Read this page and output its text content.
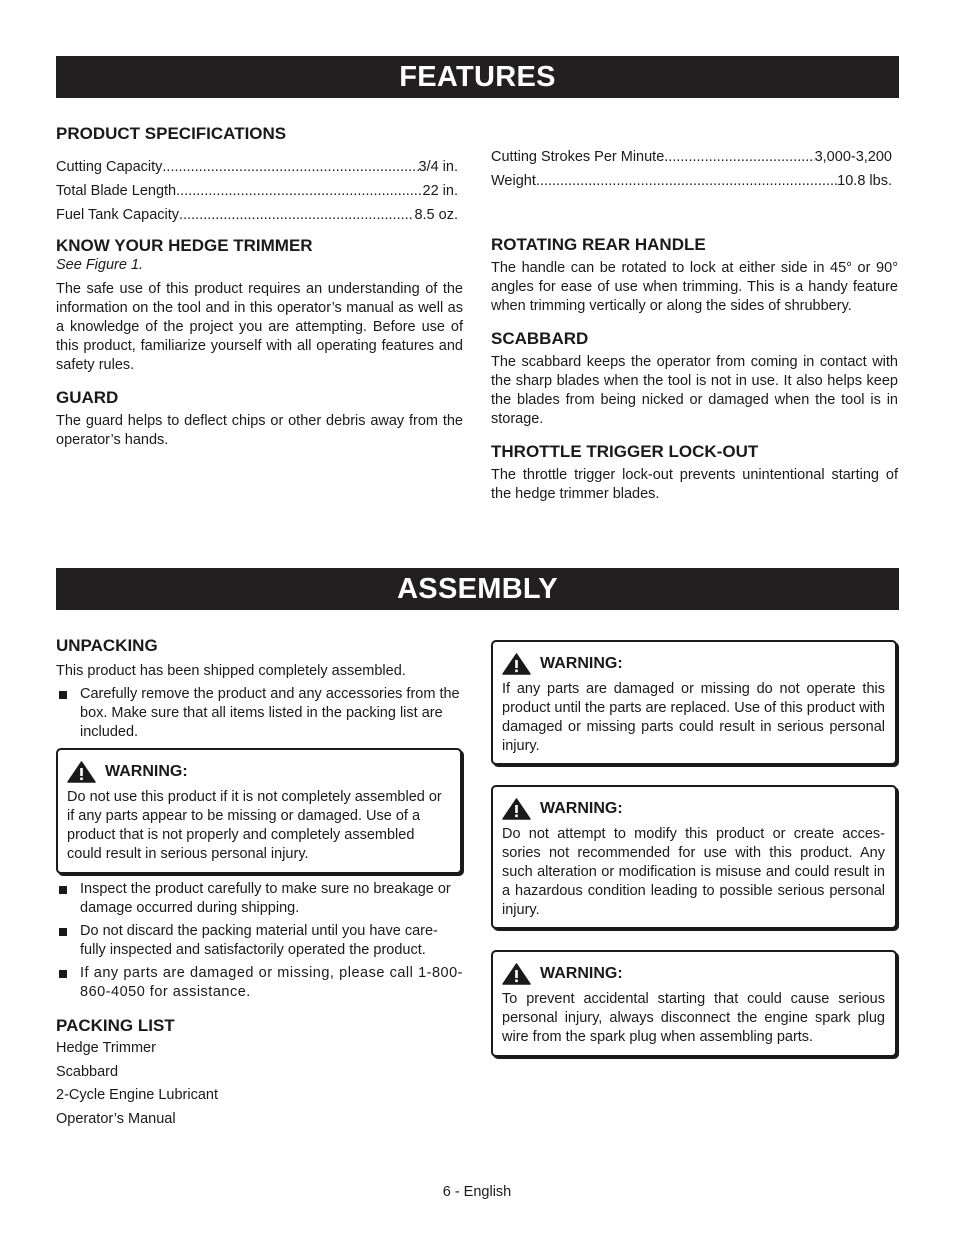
FEATURES
PRODUCT SPECIFICATIONS
Cutting Capacity .....	3/4 in.
Total Blade Length .....	22 in.
Fuel Tank Capacity .....	8.5 oz.
Cutting Strokes Per Minute .....	3,000-3,200
Weight .....	10.8 lbs.
KNOW YOUR HEDGE TRIMMER

See Figure 1.

The safe use of this product requires an understanding of the information on the tool and in this operator’s manual as well as a knowledge of the project you are attempting. Before use of this product, familiarize yourself with all operating features and safety rules.

GUARD

The guard helps to deflect chips or other debris away from the operator’s hands.

ROTATING REAR HANDLE

The handle can be rotated to lock at either side in 45° or 90° angles for ease of use when trimming. This is a handy feature when trimming vertically or along the sides of shrubbery.

SCABBARD

The scabbard keeps the operator from coming in contact with the sharp blades when the tool is not in use. It also helps keep the blades from being nicked or damaged when the tool is in storage.

THROTTLE TRIGGER LOCK-OUT

The throttle trigger lock-out prevents unintentional starting of the hedge trimmer blades.

ASSEMBLY
UNPACKING

This product has been shipped completely assembled.

Carefully remove the product and any accessories from the box. Make sure that all items listed in the packing list are included.
WARNING:

Do not use this product if it is not completely assembled or if any parts appear to be missing or damaged. Use of a product that is not properly and completely assembled could result in serious personal injury.

Inspect the product carefully to make sure no breakage or damage occurred during shipping.
Do not discard the packing material until you have care-fully inspected and satisfactorily operated the product.
If any parts are damaged or missing, please call 1-800-860-4050 for assistance.
PACKING LIST
Hedge Trimmer
Scabbard
2-Cycle Engine Lubricant
Operator’s Manual
WARNING:

If any parts are damaged or missing do not operate this product until the parts are replaced. Use of this product with damaged or missing parts could result in serious personal injury.

WARNING:

Do not attempt to modify this product or create acces-sories not recommended for use with this product. Any such alteration or modification is misuse and could result in a hazardous condition leading to possible serious personal injury.

WARNING:

To prevent accidental starting that could cause serious personal injury, always disconnect the engine spark plug wire from the spark plug when assembling parts.

6 - English
